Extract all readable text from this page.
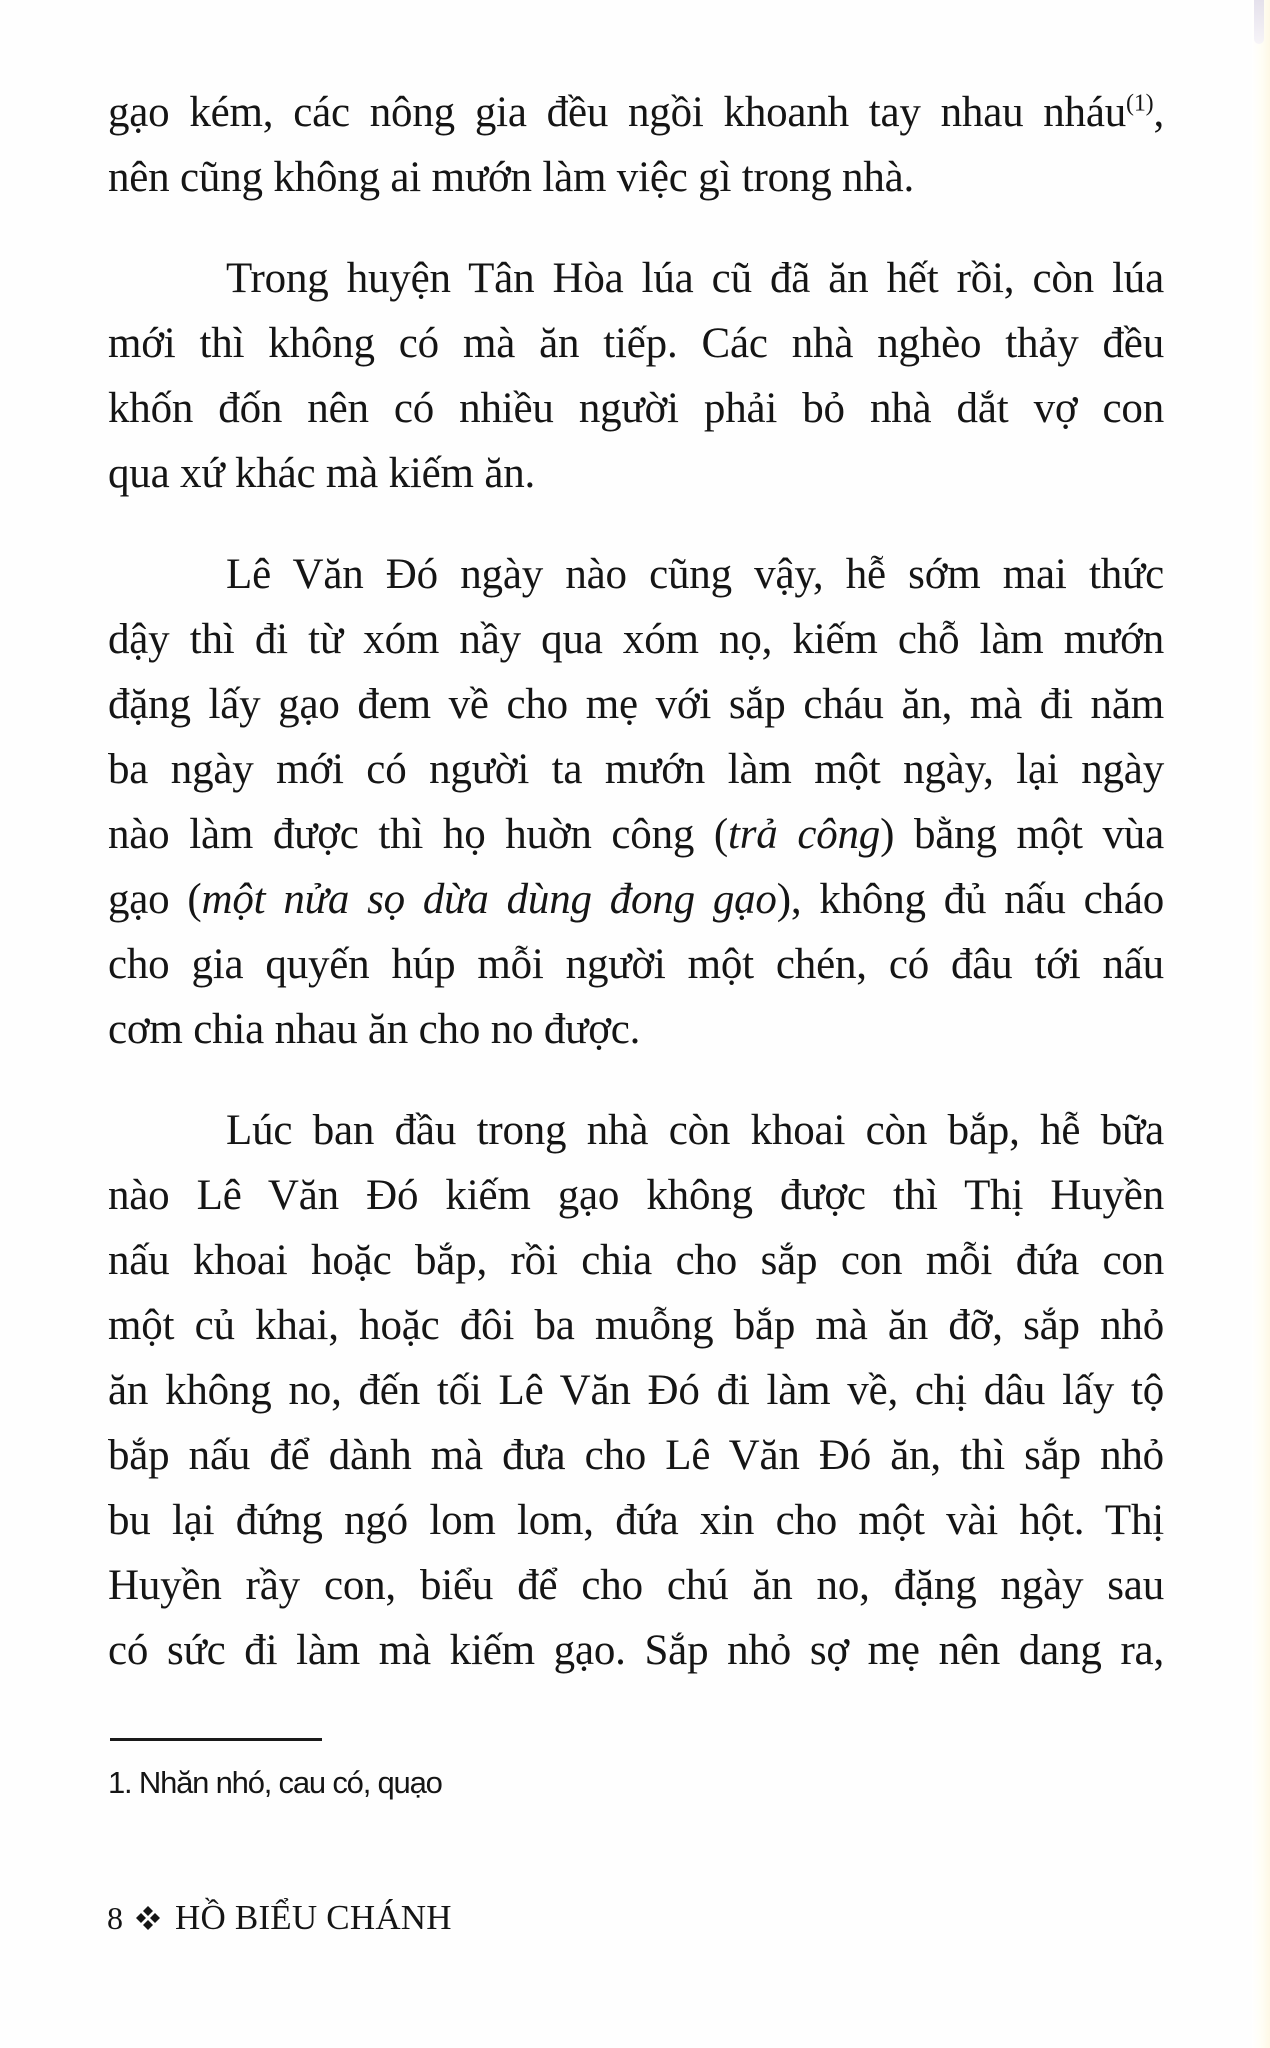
gạo kém, các nông gia đều ngồi khoanh tay nhau nháu$^{(1)}$,
nên cũng không ai mướn làm việc gì trong nhà.
Trong huyện Tân Hòa lúa cũ đã ăn hết rồi, còn lúa
mới thì không có mà ăn tiếp. Các nhà nghèo thảy đều
khốn đốn nên có nhiều người phải bỏ nhà dắt vợ con
qua xứ khác mà kiếm ăn.
Lê Văn Đó ngày nào cũng vậy, hễ sớm mai thức
dậy thì đi từ xóm nầy qua xóm nọ, kiếm chỗ làm mướn
đặng lấy gạo đem về cho mẹ với sắp cháu ăn, mà đi năm
ba ngày mới có người ta mướn làm một ngày, lại ngày
nào làm được thì họ huờn công (trả công) bằng một vùa
gạo (một nửa sọ dừa dùng đong gạo), không đủ nấu cháo
cho gia quyến húp mỗi người một chén, có đâu tới nấu
cơm chia nhau ăn cho no được.
Lúc ban đầu trong nhà còn khoai còn bắp, hễ bữa
nào Lê Văn Đó kiếm gạo không được thì Thị Huyền
nấu khoai hoặc bắp, rồi chia cho sắp con mỗi đứa con
một củ khai, hoặc đôi ba muỗng bắp mà ăn đỡ, sắp nhỏ
ăn không no, đến tối Lê Văn Đó đi làm về, chị dâu lấy tộ
bắp nấu để dành mà đưa cho Lê Văn Đó ăn, thì sắp nhỏ
bu lại đứng ngó lom lom, đứa xin cho một vài hột. Thị
Huyền rầy con, biểu để cho chú ăn no, đặng ngày sau
có sức đi làm mà kiếm gạo. Sắp nhỏ sợ mẹ nên dang ra,
1. Nhăn nhó, cau có, quạo
8 HỒ BIỂU CHÁNH
